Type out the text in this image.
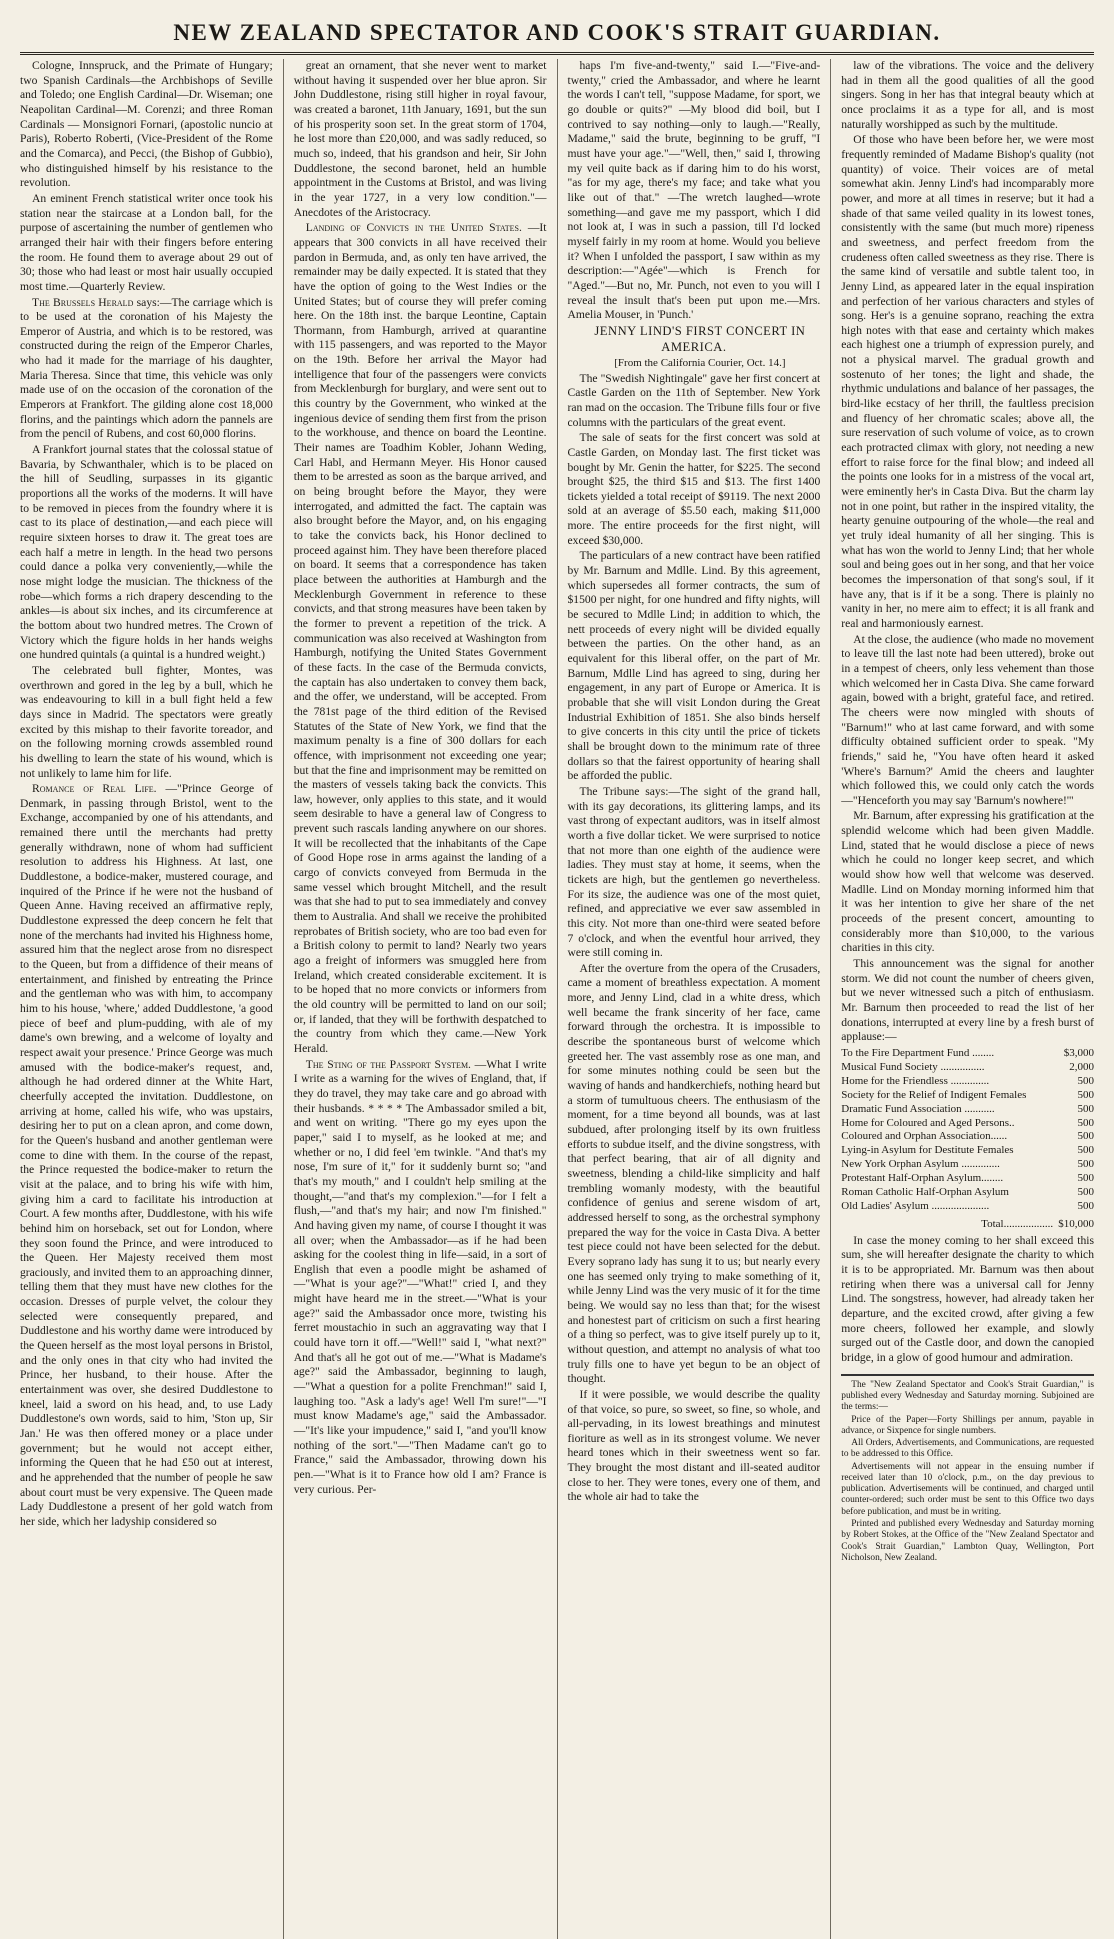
NEW ZEALAND SPECTATOR AND COOK'S STRAIT GUARDIAN.

Cologne, Innspruck, and the Primate of Hungary; two Spanish Cardinals—the Archbishops of Seville and Toledo; one English Cardinal—Dr. Wiseman; one Neapolitan Cardinal—M. Corenzi; and three Roman Cardinals — Monsignori Fornari, (apostolic nuncio at Paris), Roberto Roberti, (Vice-President of the Rome and the Comarca), and Pecci, (the Bishop of Gubbio), who distinguished himself by his resistance to the revolution.

An eminent French statistical writer once took his station near the staircase at a London ball, for the purpose of ascertaining the number of gentlemen who arranged their hair with their fingers before entering the room. He found them to average about 29 out of 30; those who had least or most hair usually occupied most time.—Quarterly Review.

The Brussels Herald says:—The carriage which is to be used at the coronation of his Majesty the Emperor of Austria, and which is to be restored, was constructed during the reign of the Emperor Charles, who had it made for the marriage of his daughter, Maria Theresa. Since that time, this vehicle was only made use of on the occasion of the coronation of the Emperors at Frankfort. The gilding alone cost 18,000 florins, and the paintings which adorn the pannels are from the pencil of Rubens, and cost 60,000 florins.

A Frankfort journal states that the colossal statue of Bavaria, by Schwanthaler, which is to be placed on the hill of Seudling, surpasses in its gigantic proportions all the works of the moderns. It will have to be removed in pieces from the foundry where it is cast to its place of destination,—and each piece will require sixteen horses to draw it. The great toes are each half a metre in length. In the head two persons could dance a polka very conveniently,—while the nose might lodge the musician. The thickness of the robe—which forms a rich drapery descending to the ankles—is about six inches, and its circumference at the bottom about two hundred metres. The Crown of Victory which the figure holds in her hands weighs one hundred quintals (a quintal is a hundred weight.)

The celebrated bull fighter, Montes, was overthrown and gored in the leg by a bull, which he was endeavouring to kill in a bull fight held a few days since in Madrid. The spectators were greatly excited by this mishap to their favorite toreador, and on the following morning crowds assembled round his dwelling to learn the state of his wound, which is not unlikely to lame him for life.

Romance of Real Life. —"Prince George of Denmark, in passing through Bristol, went to the Exchange, accompanied by one of his attendants, and remained there until the merchants had pretty generally withdrawn, none of whom had sufficient resolution to address his Highness. At last, one Duddlestone, a bodice-maker, mustered courage, and inquired of the Prince if he were not the husband of Queen Anne. Having received an affirmative reply, Duddlestone expressed the deep concern he felt that none of the merchants had invited his Highness home, assured him that the neglect arose from no disrespect to the Queen, but from a diffidence of their means of entertainment, and finished by entreating the Prince and the gentleman who was with him, to accompany him to his house, 'where,' added Duddlestone, 'a good piece of beef and plum-pudding, with ale of my dame's own brewing, and a welcome of loyalty and respect await your presence.' Prince George was much amused with the bodice-maker's request, and, although he had ordered dinner at the White Hart, cheerfully accepted the invitation. Duddlestone, on arriving at home, called his wife, who was upstairs, desiring her to put on a clean apron, and come down, for the Queen's husband and another gentleman were come to dine with them. In the course of the repast, the Prince requested the bodice-maker to return the visit at the palace, and to bring his wife with him, giving him a card to facilitate his introduction at Court. A few months after, Duddlestone, with his wife behind him on horseback, set out for London, where they soon found the Prince, and were introduced to the Queen. Her Majesty received them most graciously, and invited them to an approaching dinner, telling them that they must have new clothes for the occasion. Dresses of purple velvet, the colour they selected were consequently prepared, and Duddlestone and his worthy dame were introduced by the Queen herself as the most loyal persons in Bristol, and the only ones in that city who had invited the Prince, her husband, to their house. After the entertainment was over, she desired Duddlestone to kneel, laid a sword on his head, and, to use Lady Duddlestone's own words, said to him, 'Ston up, Sir Jan.' He was then offered money or a place under government; but he would not accept either, informing the Queen that he had £50 out at interest, and he apprehended that the number of people he saw about court must be very expensive. The Queen made Lady Duddlestone a present of her gold watch from her side, which her ladyship considered so

great an ornament, that she never went to market without having it suspended over her blue apron. Sir John Duddlestone, rising still higher in royal favour, was created a baronet, 11th January, 1691, but the sun of his prosperity soon set. In the great storm of 1704, he lost more than £20,000, and was sadly reduced, so much so, indeed, that his grandson and heir, Sir John Duddlestone, the second baronet, held an humble appointment in the Customs at Bristol, and was living in the year 1727, in a very low condition."—Anecdotes of the Aristocracy.

Landing of Convicts in the United States. —It appears that 300 convicts in all have received their pardon in Bermuda, and, as only ten have arrived, the remainder may be daily expected. It is stated that they have the option of going to the West Indies or the United States; but of course they will prefer coming here. On the 18th inst. the barque Leontine, Captain Thormann, from Hamburgh, arrived at quarantine with 115 passengers, and was reported to the Mayor on the 19th. Before her arrival the Mayor had intelligence that four of the passengers were convicts from Mecklenburgh for burglary, and were sent out to this country by the Government, who winked at the ingenious device of sending them first from the prison to the workhouse, and thence on board the Leontine. Their names are Toadhim Kobler, Johann Weding, Carl Habl, and Hermann Meyer. His Honor caused them to be arrested as soon as the barque arrived, and on being brought before the Mayor, they were interrogated, and admitted the fact. The captain was also brought before the Mayor, and, on his engaging to take the convicts back, his Honor declined to proceed against him. They have been therefore placed on board. It seems that a correspondence has taken place between the authorities at Hamburgh and the Mecklenburgh Government in reference to these convicts, and that strong measures have been taken by the former to prevent a repetition of the trick. A communication was also received at Washington from Hamburgh, notifying the United States Government of these facts. In the case of the Bermuda convicts, the captain has also undertaken to convey them back, and the offer, we understand, will be accepted. From the 781st page of the third edition of the Revised Statutes of the State of New York, we find that the maximum penalty is a fine of 300 dollars for each offence, with imprisonment not exceeding one year; but that the fine and imprisonment may be remitted on the masters of vessels taking back the convicts. This law, however, only applies to this state, and it would seem desirable to have a general law of Congress to prevent such rascals landing anywhere on our shores. It will be recollected that the inhabitants of the Cape of Good Hope rose in arms against the landing of a cargo of convicts conveyed from Bermuda in the same vessel which brought Mitchell, and the result was that she had to put to sea immediately and convey them to Australia. And shall we receive the prohibited reprobates of British society, who are too bad even for a British colony to permit to land? Nearly two years ago a freight of informers was smuggled here from Ireland, which created considerable excitement. It is to be hoped that no more convicts or informers from the old country will be permitted to land on our soil; or, if landed, that they will be forthwith despatched to the country from which they came.—New York Herald.

The Sting of the Passport System. —What I write I write as a warning for the wives of England, that, if they do travel, they may take care and go abroad with their husbands. * * * * The Ambassador smiled a bit, and went on writing. "There go my eyes upon the paper," said I to myself, as he looked at me; and whether or no, I did feel 'em twinkle. "And that's my nose, I'm sure of it," for it suddenly burnt so; "and that's my mouth," and I couldn't help smiling at the thought,—"and that's my complexion."—for I felt a flush,—"and that's my hair; and now I'm finished." And having given my name, of course I thought it was all over; when the Ambassador—as if he had been asking for the coolest thing in life—said, in a sort of English that even a poodle might be ashamed of—"What is your age?"—"What!" cried I, and they might have heard me in the street.—"What is your age?" said the Ambassador once more, twisting his ferret moustachio in such an aggravating way that I could have torn it off.—"Well!" said I, "what next?" And that's all he got out of me.—"What is Madame's age?" said the Ambassador, beginning to laugh,—"What a question for a polite Frenchman!" said I, laughing too. "Ask a lady's age! Well I'm sure!"—"I must know Madame's age," said the Ambassador.—"It's like your impudence," said I, "and you'll know nothing of the sort."—"Then Madame can't go to France," said the Ambassador, throwing down his pen.—"What is it to France how old I am? France is very curious. Per-

haps I'm five-and-twenty," said I.—"Five-and-twenty," cried the Ambassador, and where he learnt the words I can't tell, "suppose Madame, for sport, we go double or quits?" —My blood did boil, but I contrived to say nothing—only to laugh.—"Really, Madame," said the brute, beginning to be gruff, "I must have your age."—"Well, then," said I, throwing my veil quite back as if daring him to do his worst, "as for my age, there's my face; and take what you like out of that." —The wretch laughed—wrote something—and gave me my passport, which I did not look at, I was in such a passion, till I'd locked myself fairly in my room at home. Would you believe it? When I unfolded the passport, I saw within as my description:—"Agée"—which is French for "Aged."—But no, Mr. Punch, not even to you will I reveal the insult that's been put upon me.—Mrs. Amelia Mouser, in 'Punch.'

JENNY LIND'S FIRST CONCERT IN AMERICA.

[From the California Courier, Oct. 14.]

The "Swedish Nightingale" gave her first concert at Castle Garden on the 11th of September. New York ran mad on the occasion. The Tribune fills four or five columns with the particulars of the great event.

The sale of seats for the first concert was sold at Castle Garden, on Monday last. The first ticket was bought by Mr. Genin the hatter, for $225. The second brought $25, the third $15 and $13. The first 1400 tickets yielded a total receipt of $9119. The next 2000 sold at an average of $5.50 each, making $11,000 more. The entire proceeds for the first night, will exceed $30,000.

The particulars of a new contract have been ratified by Mr. Barnum and Mdlle. Lind. By this agreement, which supersedes all former contracts, the sum of $1500 per night, for one hundred and fifty nights, will be secured to Mdlle Lind; in addition to which, the nett proceeds of every night will be divided equally between the parties. On the other hand, as an equivalent for this liberal offer, on the part of Mr. Barnum, Mdlle Lind has agreed to sing, during her engagement, in any part of Europe or America. It is probable that she will visit London during the Great Industrial Exhibition of 1851. She also binds herself to give concerts in this city until the price of tickets shall be brought down to the minimum rate of three dollars so that the fairest opportunity of hearing shall be afforded the public.

The Tribune says:—The sight of the grand hall, with its gay decorations, its glittering lamps, and its vast throng of expectant auditors, was in itself almost worth a five dollar ticket. We were surprised to notice that not more than one eighth of the audience were ladies. They must stay at home, it seems, when the tickets are high, but the gentlemen go nevertheless. For its size, the audience was one of the most quiet, refined, and appreciative we ever saw assembled in this city. Not more than one-third were seated before 7 o'clock, and when the eventful hour arrived, they were still coming in.

After the overture from the opera of the Crusaders, came a moment of breathless expectation. A moment more, and Jenny Lind, clad in a white dress, which well became the frank sincerity of her face, came forward through the orchestra. It is impossible to describe the spontaneous burst of welcome which greeted her. The vast assembly rose as one man, and for some minutes nothing could be seen but the waving of hands and handkerchiefs, nothing heard but a storm of tumultuous cheers. The enthusiasm of the moment, for a time beyond all bounds, was at last subdued, after prolonging itself by its own fruitless efforts to subdue itself, and the divine songstress, with that perfect bearing, that air of all dignity and sweetness, blending a child-like simplicity and half trembling womanly modesty, with the beautiful confidence of genius and serene wisdom of art, addressed herself to song, as the orchestral symphony prepared the way for the voice in Casta Diva. A better test piece could not have been selected for the debut. Every soprano lady has sung it to us; but nearly every one has seemed only trying to make something of it, while Jenny Lind was the very music of it for the time being. We would say no less than that; for the wisest and honestest part of criticism on such a first hearing of a thing so perfect, was to give itself purely up to it, without question, and attempt no analysis of what too truly fills one to have yet begun to be an object of thought.

If it were possible, we would describe the quality of that voice, so pure, so sweet, so fine, so whole, and all-pervading, in its lowest breathings and minutest fioriture as well as in its strongest volume. We never heard tones which in their sweetness went so far. They brought the most distant and ill-seated auditor close to her. They were tones, every one of them, and the whole air had to take the

law of the vibrations. The voice and the delivery had in them all the good qualities of all the good singers. Song in her has that integral beauty which at once proclaims it as a type for all, and is most naturally worshipped as such by the multitude.

Of those who have been before her, we were most frequently reminded of Madame Bishop's quality (not quantity) of voice. Their voices are of metal somewhat akin. Jenny Lind's had incomparably more power, and more at all times in reserve; but it had a shade of that same veiled quality in its lowest tones, consistently with the same (but much more) ripeness and sweetness, and perfect freedom from the crudeness often called sweetness as they rise. There is the same kind of versatile and subtle talent too, in Jenny Lind, as appeared later in the equal inspiration and perfection of her various characters and styles of song. Her's is a genuine soprano, reaching the extra high notes with that ease and certainty which makes each highest one a triumph of expression purely, and not a physical marvel. The gradual growth and sostenuto of her tones; the light and shade, the rhythmic undulations and balance of her passages, the bird-like ecstacy of her thrill, the faultless precision and fluency of her chromatic scales; above all, the sure reservation of such volume of voice, as to crown each protracted climax with glory, not needing a new effort to raise force for the final blow; and indeed all the points one looks for in a mistress of the vocal art, were eminently her's in Casta Diva. But the charm lay not in one point, but rather in the inspired vitality, the hearty genuine outpouring of the whole—the real and yet truly ideal humanity of all her singing. This is what has won the world to Jenny Lind; that her whole soul and being goes out in her song, and that her voice becomes the impersonation of that song's soul, if it have any, that is if it be a song. There is plainly no vanity in her, no mere aim to effect; it is all frank and real and harmoniously earnest.

At the close, the audience (who made no movement to leave till the last note had been uttered), broke out in a tempest of cheers, only less vehement than those which welcomed her in Casta Diva. She came forward again, bowed with a bright, grateful face, and retired. The cheers were now mingled with shouts of "Barnum!" who at last came forward, and with some difficulty obtained sufficient order to speak. "My friends," said he, "You have often heard it asked 'Where's Barnum?' Amid the cheers and laughter which followed this, we could only catch the words—"Henceforth you may say 'Barnum's nowhere!'"

Mr. Barnum, after expressing his gratification at the splendid welcome which had been given Maddle. Lind, stated that he would disclose a piece of news which he could no longer keep secret, and which would show how well that welcome was deserved. Madlle. Lind on Monday morning informed him that it was her intention to give her share of the net proceeds of the present concert, amounting to considerably more than $10,000, to the various charities in this city.

This announcement was the signal for another storm. We did not count the number of cheers given, but we never witnessed such a pitch of enthusiasm. Mr. Barnum then proceeded to read the list of her donations, interrupted at every line by a fresh burst of applause:—

To the Fire Department Fund ........	$3,000
Musical Fund Society ................	2,000
Home for the Friendless ..............	500
Society for the Relief of Indigent Females	500
Dramatic Fund Association ...........	500
Home for Coloured and Aged Persons..	500
Coloured and Orphan Association......	500
Lying-in Asylum for Destitute Females	500
New York Orphan Asylum ..............	500
Protestant Half-Orphan Asylum........	500
Roman Catholic Half-Orphan Asylum	500
Old Ladies' Asylum .....................	500
Total..................	$10,000

In case the money coming to her shall exceed this sum, she will hereafter designate the charity to which it is to be appropriated. Mr. Barnum was then about retiring when there was a universal call for Jenny Lind. The songstress, however, had already taken her departure, and the excited crowd, after giving a few more cheers, followed her example, and slowly surged out of the Castle door, and down the canopied bridge, in a glow of good humour and admiration.

The "New Zealand Spectator and Cook's Strait Guardian," is published every Wednesday and Saturday morning. Subjoined are the terms:—

Price of the Paper—Forty Shillings per annum, payable in advance, or Sixpence for single numbers.

All Orders, Advertisements, and Communications, are requested to be addressed to this Office.

Advertisements will not appear in the ensuing number if received later than 10 o'clock, p.m., on the day previous to publication. Advertisements will be continued, and charged until counter-ordered; such order must be sent to this Office two days before publication, and must be in writing.

Printed and published every Wednesday and Saturday morning by Robert Stokes, at the Office of the "New Zealand Spectator and Cook's Strait Guardian," Lambton Quay, Wellington, Port Nicholson, New Zealand.
